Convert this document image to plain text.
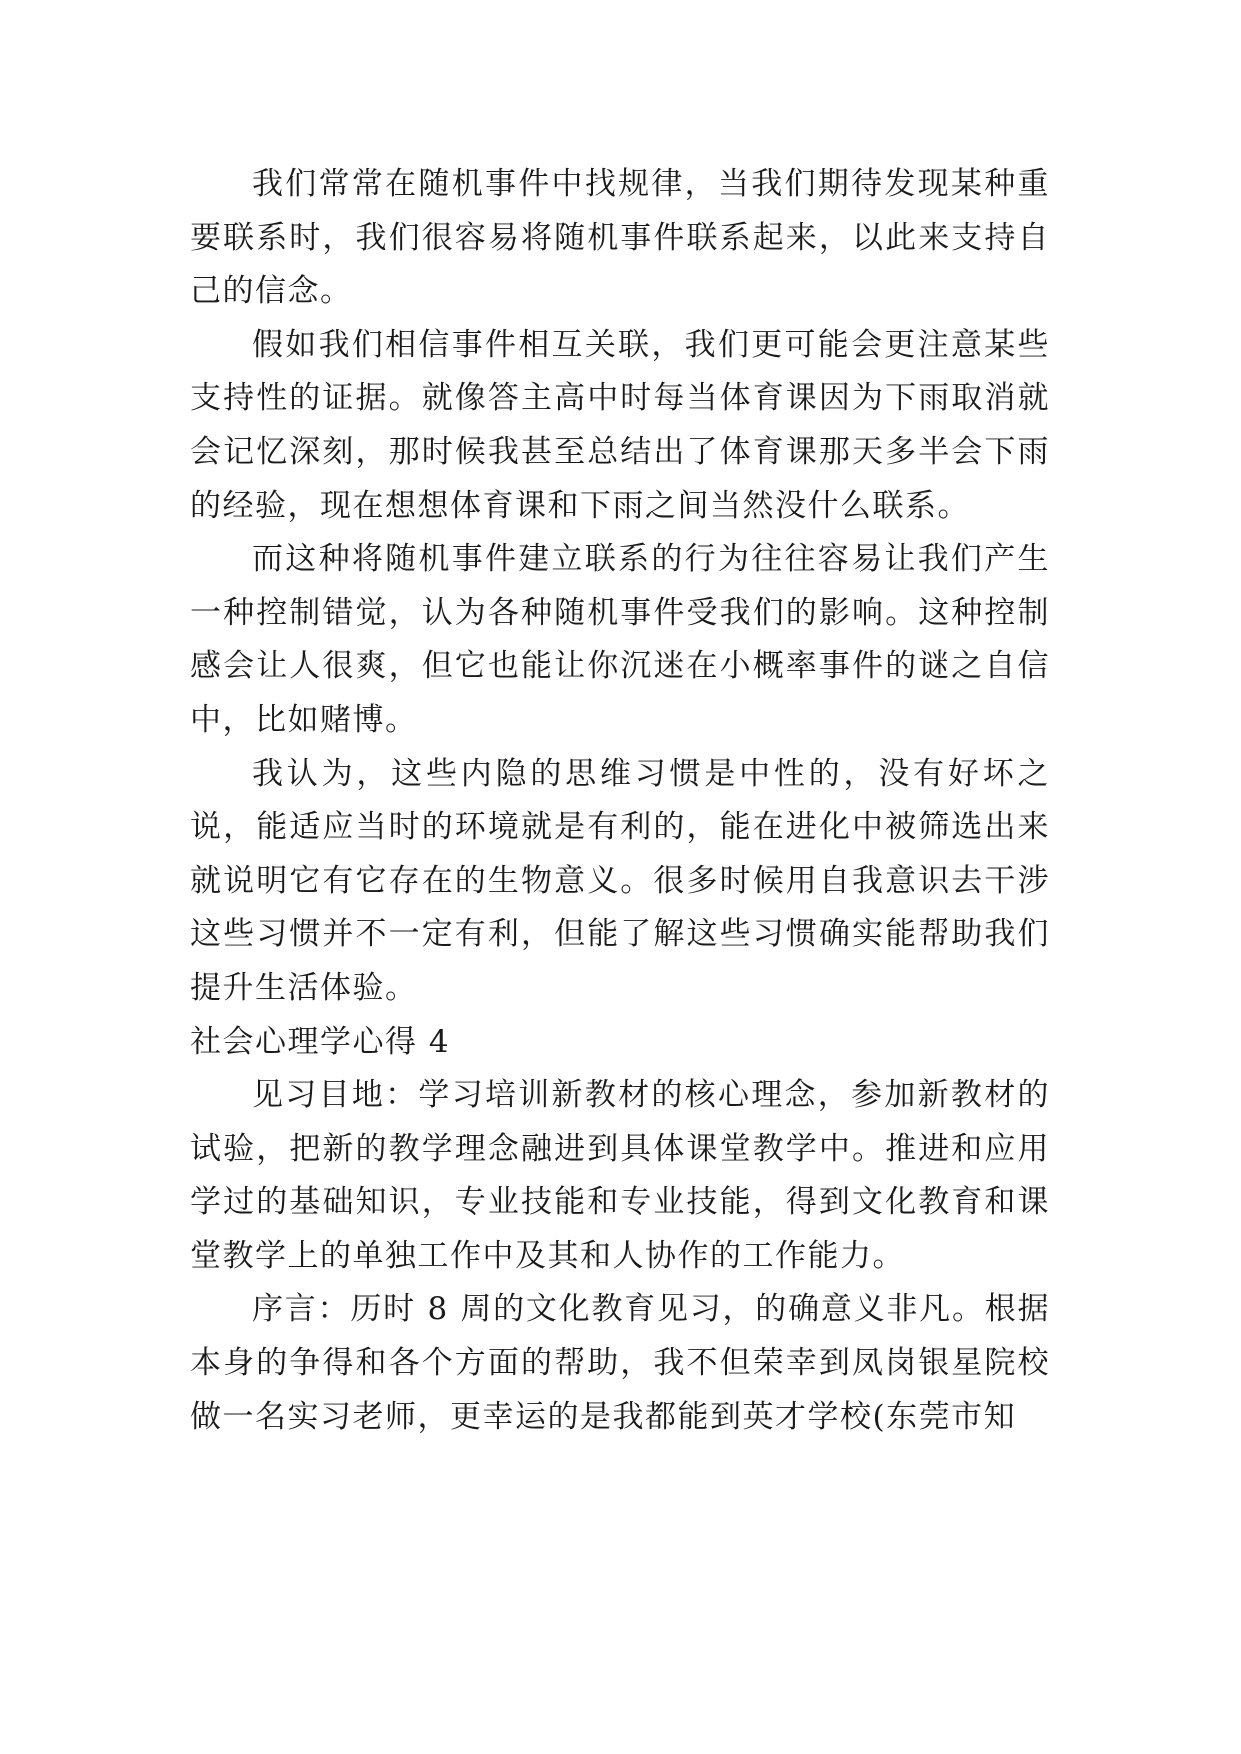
我们常常在随机事件中找规律，当我们期待发现某种重要联系时，我们很容易将随机事件联系起来，以此来支持自己的信念。

假如我们相信事件相互关联，我们更可能会更注意某些支持性的证据。就像答主高中时每当体育课因为下雨取消就会记忆深刻，那时候我甚至总结出了体育课那天多半会下雨的经验，现在想想体育课和下雨之间当然没什么联系。

而这种将随机事件建立联系的行为往往容易让我们产生一种控制错觉，认为各种随机事件受我们的影响。这种控制感会让人很爽，但它也能让你沉迷在小概率事件的谜之自信中，比如赌博。

我认为，这些内隐的思维习惯是中性的，没有好坏之说，能适应当时的环境就是有利的，能在进化中被筛选出来就说明它有它存在的生物意义。很多时候用自我意识去干涉这些习惯并不一定有利，但能了解这些习惯确实能帮助我们提升生活体验。

社会心理学心得 4

见习目地：学习培训新教材的核心理念，参加新教材的试验，把新的教学理念融进到具体课堂教学中。推进和应用学过的基础知识，专业技能和专业技能，得到文化教育和课堂教学上的单独工作中及其和人协作的工作能力。

序言：历时 8 周的文化教育见习，的确意义非凡。根据本身的争得和各个方面的帮助，我不但荣幸到凤岗银星院校做一名实习老师，更幸运的是我都能到英才学校(东莞市知
